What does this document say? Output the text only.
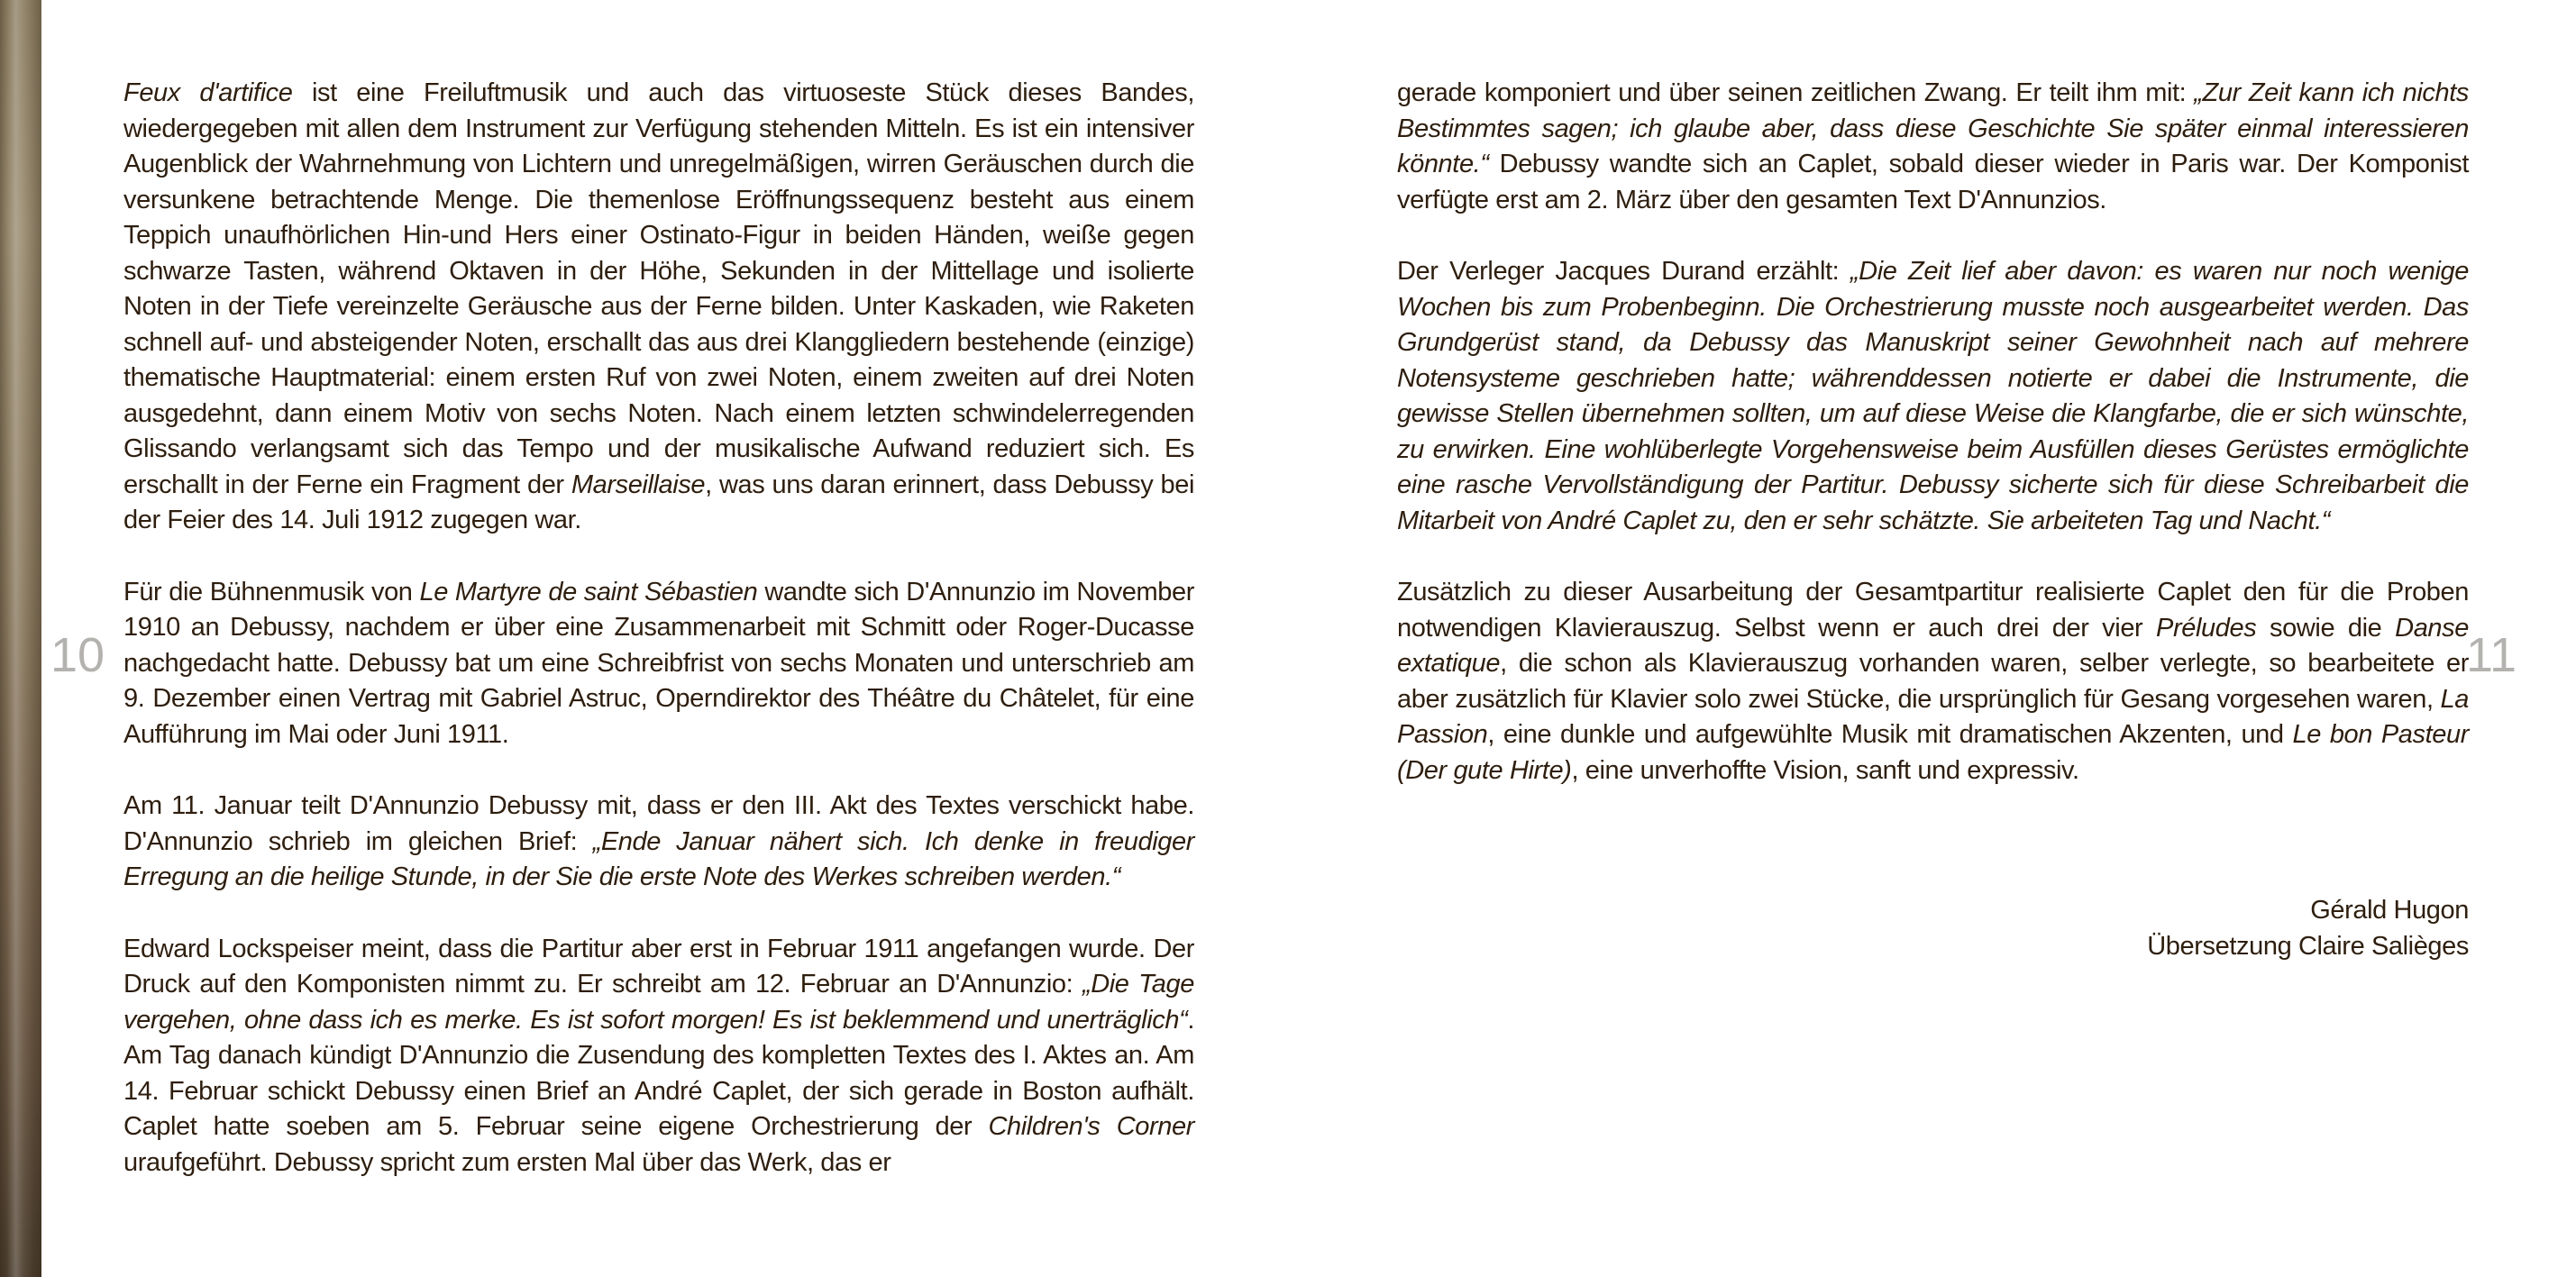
10	11

Feux d'artifice ist eine Freiluftmusik und auch das virtuoseste Stück dieses Bandes, wiedergegeben mit allen dem Instrument zur Verfügung stehenden Mitteln. Es ist ein intensiver Augenblick der Wahrnehmung von Lichtern und unregelmäßigen, wirren Geräuschen durch die versunkene betrachtende Menge. Die themenlose Eröffnungssequenz besteht aus einem Teppich unaufhörlichen Hin-und Hers einer Ostinato-Figur in beiden Händen, weiße gegen schwarze Tasten, während Oktaven in der Höhe, Sekunden in der Mittellage und isolierte Noten in der Tiefe vereinzelte Geräusche aus der Ferne bilden. Unter Kaskaden, wie Raketen schnell auf- und absteigender Noten, erschallt das aus drei Klanggliedern bestehende (einzige) thematische Hauptmaterial: einem ersten Ruf von zwei Noten, einem zweiten auf drei Noten ausgedehnt, dann einem Motiv von sechs Noten. Nach einem letzten schwindelerregenden Glissando verlangsamt sich das Tempo und der musikalische Aufwand reduziert sich. Es erschallt in der Ferne ein Fragment der Marseillaise, was uns daran erinnert, dass Debussy bei der Feier des 14. Juli 1912 zugegen war.

Für die Bühnenmusik von Le Martyre de saint Sébastien wandte sich D'Annunzio im November 1910 an Debussy, nachdem er über eine Zusammenarbeit mit Schmitt oder Roger-Ducasse nachgedacht hatte. Debussy bat um eine Schreibfrist von sechs Monaten und unterschrieb am 9. Dezember einen Vertrag mit Gabriel Astruc, Operndirektor des Théâtre du Châtelet, für eine Aufführung im Mai oder Juni 1911.

Am 11. Januar teilt D'Annunzio Debussy mit, dass er den III. Akt des Textes verschickt habe. D'Annunzio schrieb im gleichen Brief: „Ende Januar nähert sich. Ich denke in freudiger Erregung an die heilige Stunde, in der Sie die erste Note des Werkes schreiben werden.“

Edward Lockspeiser meint, dass die Partitur aber erst in Februar 1911 angefangen wurde. Der Druck auf den Komponisten nimmt zu. Er schreibt am 12. Februar an D'Annunzio: „Die Tage vergehen, ohne dass ich es merke. Es ist sofort morgen! Es ist beklemmend und unerträglich“. Am Tag danach kündigt D'Annunzio die Zusendung des kompletten Textes des I. Aktes an. Am 14. Februar schickt Debussy einen Brief an André Caplet, der sich gerade in Boston aufhält. Caplet hatte soeben am 5. Februar seine eigene Orchestrierung der Children's Corner uraufgeführt. Debussy spricht zum ersten Mal über das Werk, das er

gerade komponiert und über seinen zeitlichen Zwang. Er teilt ihm mit: „Zur Zeit kann ich nichts Bestimmtes sagen; ich glaube aber, dass diese Geschichte Sie später einmal interessieren könnte.“ Debussy wandte sich an Caplet, sobald dieser wieder in Paris war. Der Komponist verfügte erst am 2. März über den gesamten Text D'Annunzios.

Der Verleger Jacques Durand erzählt: „Die Zeit lief aber davon: es waren nur noch wenige Wochen bis zum Probenbeginn. Die Orchestrierung musste noch ausgearbeitet werden. Das Grundgerüst stand, da Debussy das Manuskript seiner Gewohnheit nach auf mehrere Notensysteme geschrieben hatte; währenddessen notierte er dabei die Instrumente, die gewisse Stellen übernehmen sollten, um auf diese Weise die Klangfarbe, die er sich wünschte, zu erwirken. Eine wohlüberlegte Vorgehensweise beim Ausfüllen dieses Gerüstes ermöglichte eine rasche Vervollständigung der Partitur. Debussy sicherte sich für diese Schreibarbeit die Mitarbeit von André Caplet zu, den er sehr schätzte. Sie arbeiteten Tag und Nacht.“

Zusätzlich zu dieser Ausarbeitung der Gesamtpartitur realisierte Caplet den für die Proben notwendigen Klavierauszug. Selbst wenn er auch drei der vier Préludes sowie die Danse extatique, die schon als Klavierauszug vorhanden waren, selber verlegte, so bearbeitete er aber zusätzlich für Klavier solo zwei Stücke, die ursprünglich für Gesang vorgesehen waren, La Passion, eine dunkle und aufgewühlte Musik mit dramatischen Akzenten, und Le bon Pasteur (Der gute Hirte), eine unverhoffte Vision, sanft und expressiv.

Gérald Hugon
Übersetzung Claire Salièges
